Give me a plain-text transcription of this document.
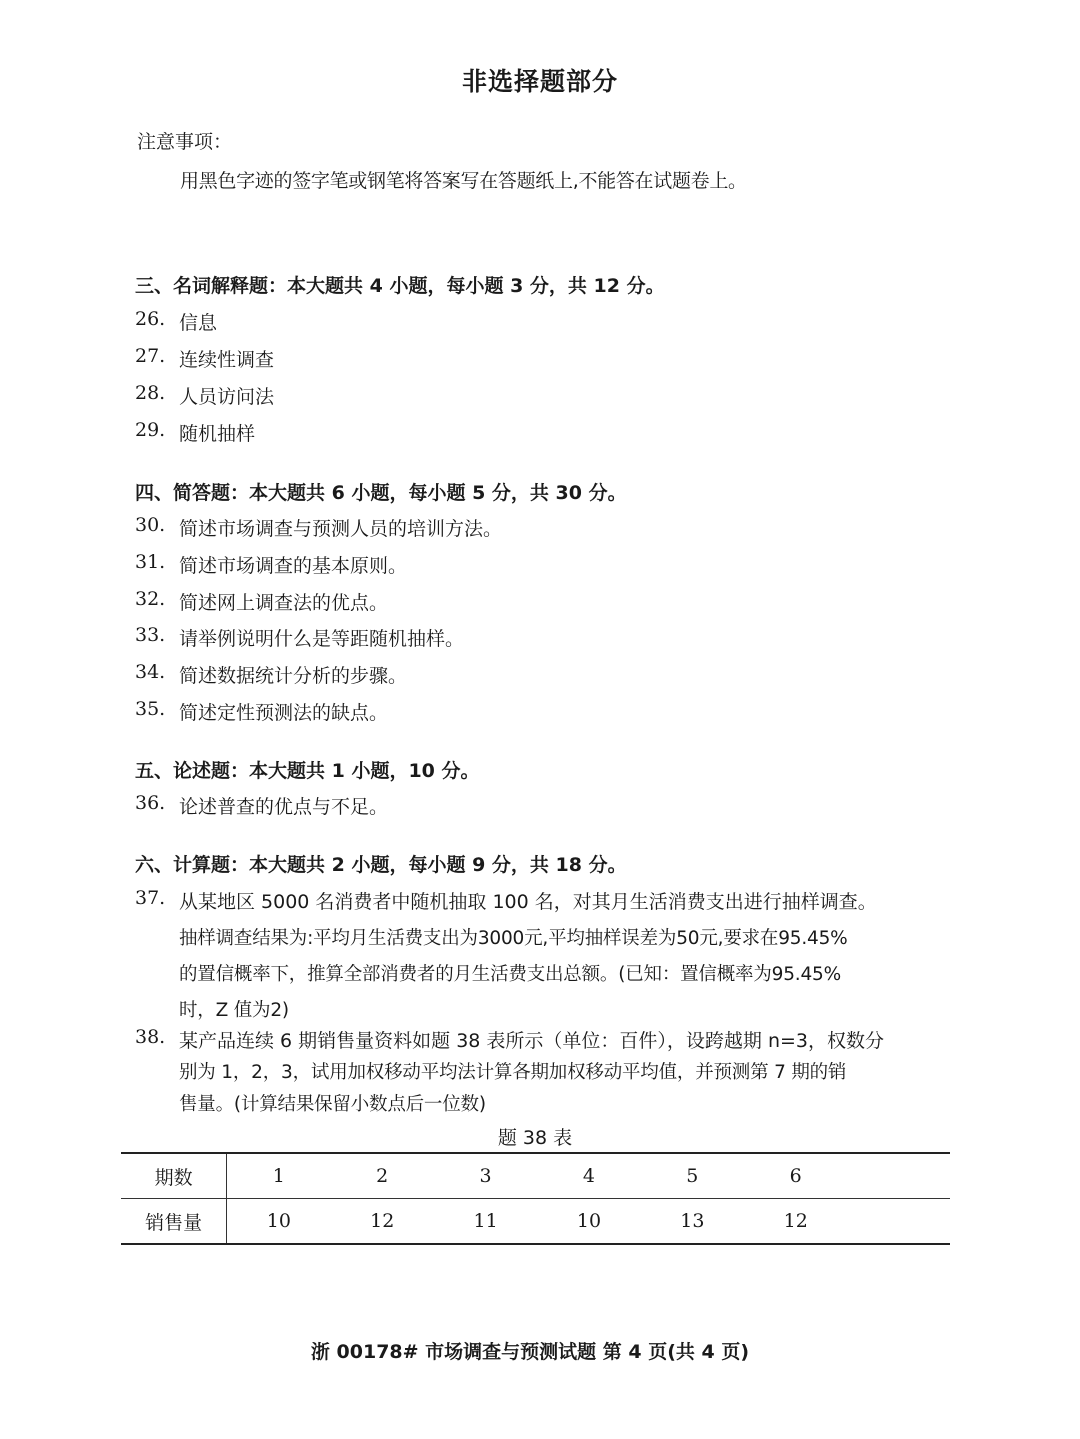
非选择题部分
注意事项：
用黑色字迹的签字笔或钢笔将答案写在答题纸上,不能答在试题卷上。
三、名词解释题：本大题共 4 小题，每小题 3 分，共 12 分。
26. 信息
27. 连续性调查
28. 人员访问法
29. 随机抽样
四、简答题：本大题共 6 小题，每小题 5 分，共 30 分。
30. 简述市场调查与预测人员的培训方法。
31. 简述市场调查的基本原则。
32. 简述网上调查法的优点。
33. 请举例说明什么是等距随机抽样。
34. 简述数据统计分析的步骤。
35. 简述定性预测法的缺点。
五、论述题：本大题共 1 小题，10 分。
36. 论述普查的优点与不足。
六、计算题：本大题共 2 小题，每小题 9 分，共 18 分。
37. 从某地区 5000 名消费者中随机抽取 100 名，对其月生活消费支出进行抽样调查。
抽样调查结果为:平均月生活费支出为3000元,平均抽样误差为50元,要求在95.45%
的置信概率下，推算全部消费者的月生活费支出总额。(已知：置信概率为95.45%
时，Z 值为2)
38. 某产品连续 6 期销售量资料如题 38 表所示（单位：百件），设跨越期 n=3，权数分
别为 1，2，3，试用加权移动平均法计算各期加权移动平均值，并预测第 7 期的销
售量。(计算结果保留小数点后一位数)
题 38 表
期数	1	2	3	4	5	6	
销售量	10	12	11	10	13	12	
浙 00178# 市场调查与预测试题 第 4 页(共 4 页)
